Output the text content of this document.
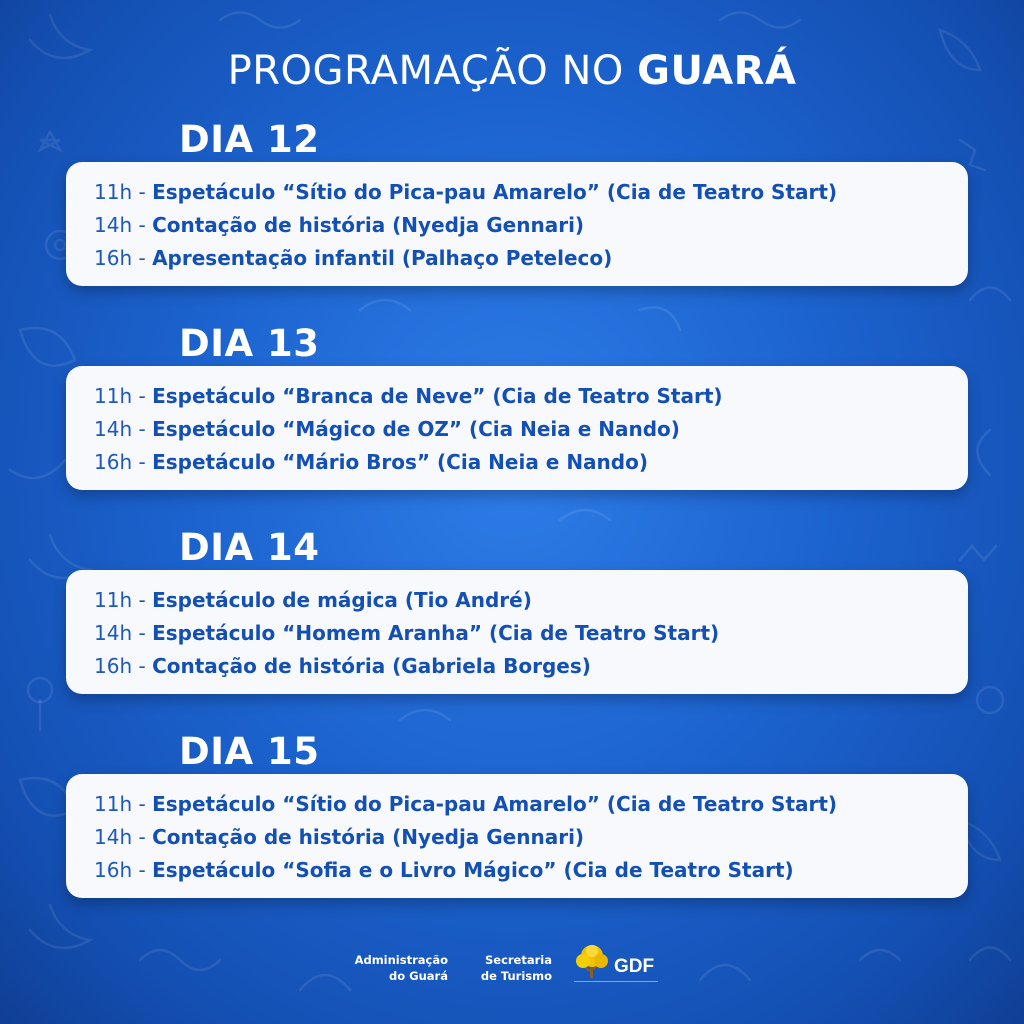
PROGRAMAÇÃO NO GUARÁ
DIA 12
11h - Espetáculo “Sítio do Pica-pau Amarelo” (Cia de Teatro Start)
14h - Contação de história (Nyedja Gennari)
16h - Apresentação infantil (Palhaço Peteleco)
DIA 13
11h - Espetáculo “Branca de Neve” (Cia de Teatro Start)
14h - Espetáculo “Mágico de OZ” (Cia Neia e Nando)
16h - Espetáculo “Mário Bros” (Cia Neia e Nando)
DIA 14
11h - Espetáculo de mágica (Tio André)
14h - Espetáculo “Homem Aranha” (Cia de Teatro Start)
16h - Contação de história (Gabriela Borges)
DIA 15
11h - Espetáculo “Sítio do Pica-pau Amarelo” (Cia de Teatro Start)
14h - Contação de história (Nyedja Gennari)
16h - Espetáculo “Sofia e o Livro Mágico” (Cia de Teatro Start)
Administração
do Guará
Secretaria
de Turismo	GDF
